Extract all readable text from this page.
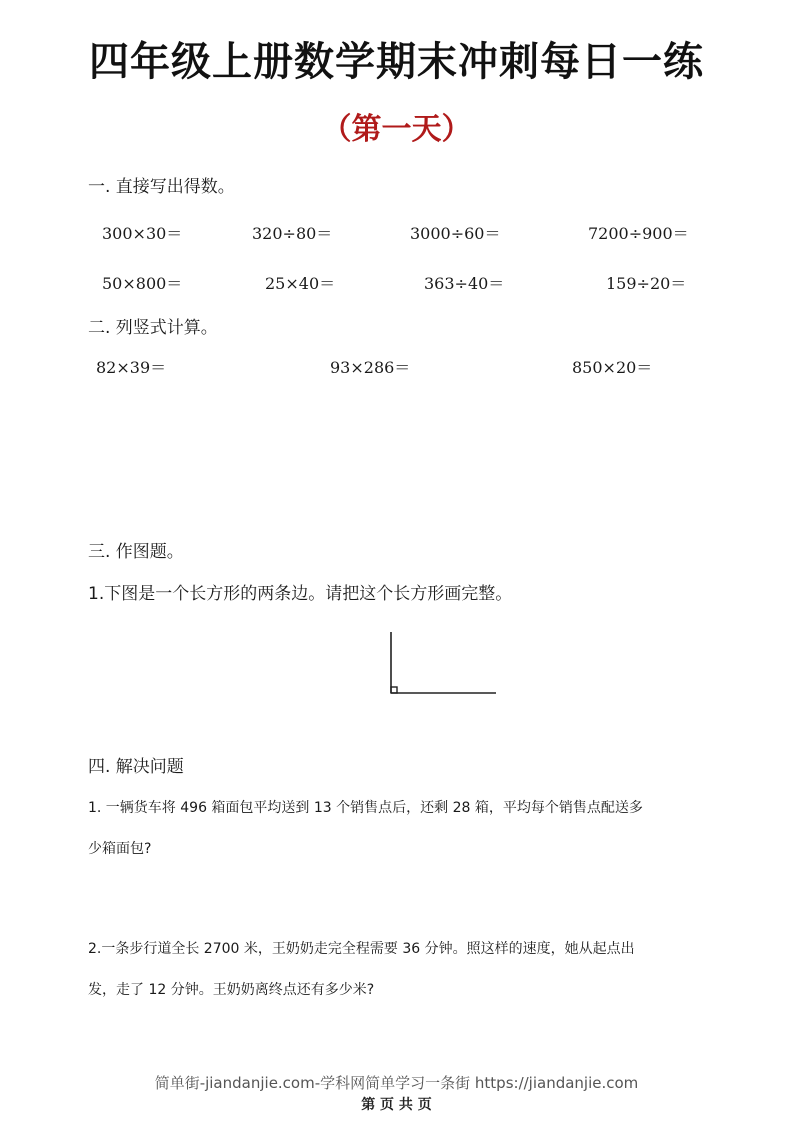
四年级上册数学期末冲刺每日一练
（第一天）
一. 直接写出得数。
300×30＝	320÷80＝	3000÷60＝	7200÷900＝
50×800＝	25×40＝	363÷40＝	159÷20＝
二. 列竖式计算。
82×39＝	93×286＝	850×20＝
三. 作图题。
1.下图是一个长方形的两条边。请把这个长方形画完整。
四. 解决问题
1. 一辆货车将 496 箱面包平均送到 13 个销售点后，还剩 28 箱，平均每个销售点配送多
少箱面包?
2.一条步行道全长 2700 米，王奶奶走完全程需要 36 分钟。照这样的速度，她从起点出
发，走了 12 分钟。王奶奶离终点还有多少米?
简单街-jiandanjie.com-学科网简单学习一条街 https://jiandanjie.com
第 页 共 页
